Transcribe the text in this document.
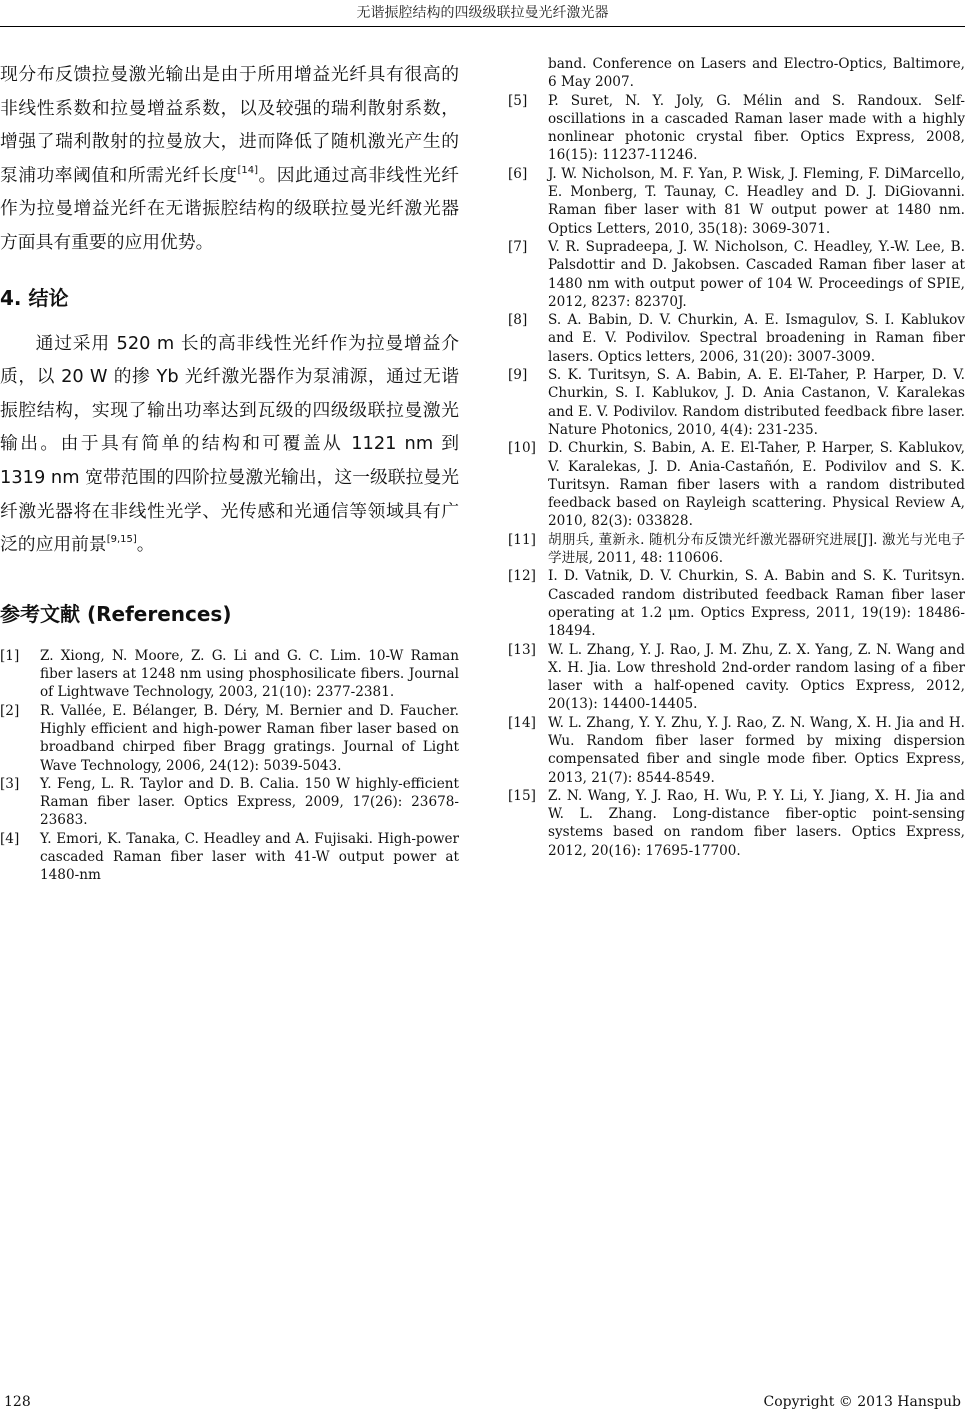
无谐振腔结构的四级级联拉曼光纤激光器

现分布反馈拉曼激光输出是由于所用增益光纤具有很高的非线性系数和拉曼增益系数，以及较强的瑞利散射系数，增强了瑞利散射的拉曼放大，进而降低了随机激光产生的泵浦功率阈值和所需光纤长度[14]。因此通过高非线性光纤作为拉曼增益光纤在无谐振腔结构的级联拉曼光纤激光器方面具有重要的应用优势。

4. 结论

通过采用 520 m 长的高非线性光纤作为拉曼增益介质，以 20 W 的掺 Yb 光纤激光器作为泵浦源，通过无谐振腔结构，实现了输出功率达到瓦级的四级级联拉曼激光输出。由于具有简单的结构和可覆盖从 1121 nm 到 1319 nm 宽带范围的四阶拉曼激光输出，这一级联拉曼光纤激光器将在非线性光学、光传感和光通信等领域具有广泛的应用前景[9,15]。

参考文献 (References)
[1]	Z. Xiong, N. Moore, Z. G. Li and G. C. Lim. 10-W Raman fiber lasers at 1248 nm using phosphosilicate fibers. Journal of Lightwave Technology, 2003, 21(10): 2377-2381.
[2]	R. Vallée, E. Bélanger, B. Déry, M. Bernier and D. Faucher. Highly efficient and high-power Raman fiber laser based on broadband chirped fiber Bragg gratings. Journal of Light Wave Technology, 2006, 24(12): 5039-5043.
[3]	Y. Feng, L. R. Taylor and D. B. Calia. 150 W highly-efficient Raman fiber laser. Optics Express, 2009, 17(26): 23678-23683.
[4]	Y. Emori, K. Tanaka, C. Headley and A. Fujisaki. High-power cascaded Raman fiber laser with 41-W output power at 1480-nm
band. Conference on Lasers and Electro-Optics, Baltimore, 6 May 2007.
[5]	P. Suret, N. Y. Joly, G. Mélin and S. Randoux. Self-oscillations in a cascaded Raman laser made with a highly nonlinear photonic crystal fiber. Optics Express, 2008, 16(15): 11237-11246.
[6]	J. W. Nicholson, M. F. Yan, P. Wisk, J. Fleming, F. DiMarcello, E. Monberg, T. Taunay, C. Headley and D. J. DiGiovanni. Raman fiber laser with 81 W output power at 1480 nm. Optics Letters, 2010, 35(18): 3069-3071.
[7]	V. R. Supradeepa, J. W. Nicholson, C. Headley, Y.-W. Lee, B. Palsdottir and D. Jakobsen. Cascaded Raman fiber laser at 1480 nm with output power of 104 W. Proceedings of SPIE, 2012, 8237: 82370J.
[8]	S. A. Babin, D. V. Churkin, A. E. Ismagulov, S. I. Kablukov and E. V. Podivilov. Spectral broadening in Raman fiber lasers. Optics letters, 2006, 31(20): 3007-3009.
[9]	S. K. Turitsyn, S. A. Babin, A. E. El-Taher, P. Harper, D. V. Churkin, S. I. Kablukov, J. D. Ania Castanon, V. Karalekas and E. V. Podivilov. Random distributed feedback fibre laser. Nature Photonics, 2010, 4(4): 231-235.
[10] D. Churkin, S. Babin, A. E. El-Taher, P. Harper, S. Kablukov, V. Karalekas, J. D. Ania-Castañón, E. Podivilov and S. K. Turitsyn. Raman fiber lasers with a random distributed feedback based on Rayleigh scattering. Physical Review A, 2010, 82(3): 033828.
[11] 胡朋兵, 董新永. 随机分布反馈光纤激光器研究进展[J]. 激光与光电子学进展, 2011, 48: 110606.
[12] I. D. Vatnik, D. V. Churkin, S. A. Babin and S. K. Turitsyn. Cascaded random distributed feedback Raman fiber laser operating at 1.2 μm. Optics Express, 2011, 19(19): 18486-18494.
[13] W. L. Zhang, Y. J. Rao, J. M. Zhu, Z. X. Yang, Z. N. Wang and X. H. Jia. Low threshold 2nd-order random lasing of a fiber laser with a half-opened cavity. Optics Express, 2012, 20(13): 14400-14405.
[14] W. L. Zhang, Y. Y. Zhu, Y. J. Rao, Z. N. Wang, X. H. Jia and H. Wu. Random fiber laser formed by mixing dispersion compensated fiber and single mode fiber. Optics Express, 2013, 21(7): 8544-8549.
[15] Z. N. Wang, Y. J. Rao, H. Wu, P. Y. Li, Y. Jiang, X. H. Jia and W. L. Zhang. Long-distance fiber-optic point-sensing systems based on random fiber lasers. Optics Express, 2012, 20(16): 17695-17700.
128	Copyright © 2013 Hanspub
